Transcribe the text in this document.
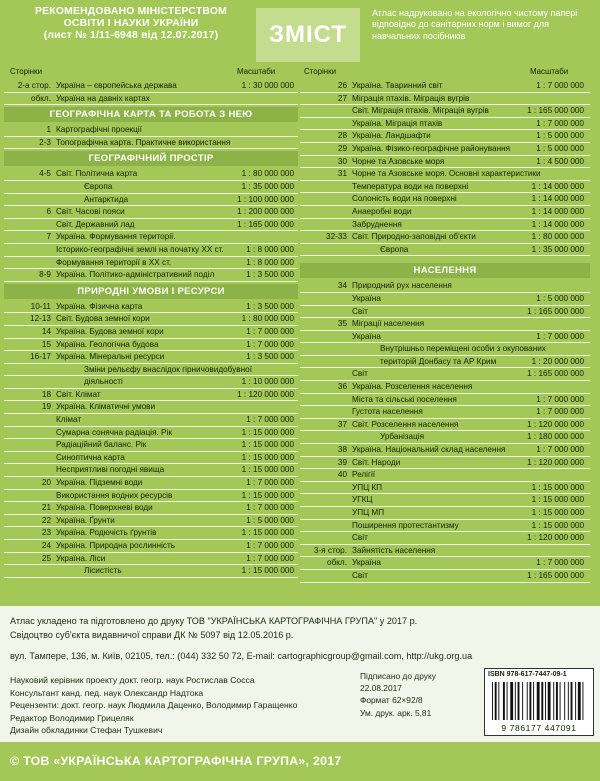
РЕКОМЕНДОВАНО МІНІСТЕРСТВОМ
ОСВІТИ І НАУКИ УКРАЇНИ
(лист № 1/11-6948 від 12.07.2017)	ЗМІСТ
Атлас надруковано на екологічно чистому папері відповідно до санітарних норм і вимог для навчальних посібників
Сторінки	Масштаби
2-а стор. Україна – європейська держава	1 : 30 000 000
обкл. Україна на давніх картах
ГЕОГРАФІЧНА КАРТА ТА РОБОТА З НЕЮ
1 Картографічні проекції
2-3 Топографічна карта. Практичне використання
ГЕОГРАФІЧНИЙ ПРОСТІР
4-5 Світ. Політична карта	1 : 80 000 000
Європа	1 : 35 000 000
Антарктида	1 : 100 000 000
6 Світ. Часові пояси	1 : 200 000 000
Світ. Державний лад	1 : 165 000 000
7 Україна. Формування території.
Історико-географічні землі на початку XX ст.	1 : 8 000 000
Формування території в XX ст.	1 : 8 000 000
8-9 Україна. Політико-адміністративний поділ	1 : 3 500 000
ПРИРОДНІ УМОВИ І РЕСУРСИ
10-11 Україна. Фізична карта	1 : 3 500 000
12-13 Світ. Будова земної кори	1 : 80 000 000
14 Україна. Будова земної кори	1 : 7 000 000
15 Україна. Геологічна будова	1 : 7 000 000
16-17 Україна. Мінеральні ресурси	1 : 3 500 000
Зміни рельєфу внаслідок гірничовидобувної
діяльності	1 : 10 000 000
18 Світ. Клімат	1 : 120 000 000
19 Україна. Кліматичні умови
Клімат	1 : 7 000 000
Сумарна сонячна радіація. Рік	1 : 15 000 000
Радіаційний баланс. Рік	1 : 15 000 000
Синоптична карта	1 : 15 000 000
Несприятливі погодні явища	1 : 15 000 000
20 Україна. Підземні води	1 : 7 000 000
Використання водних ресурсів	1 : 15 000 000
21 Україна. Поверхневі води	1 : 7 000 000
22 Україна. Ґрунти	1 : 5 000 000
23 Україна. Родючість ґрунтів	1 : 15 000 000
24 Україна. Природна рослинність	1 : 7 000 000
25 Україна. Ліси	1 : 7 000 000
Лісистість	1 : 15 000 000
Сторінки	Масштаби
26 Україна. Тваринний світ	1 : 7 000 000
27 Міграція птахів. Міграція вугрів
Світ. Міграція птахів. Міграція вугрів	1 : 165 000 000
Україна. Міграція птахів	1 : 7 000 000
28 Україна. Ландшафти	1 : 5 000 000
29 Україна. Фізико-географічне районування	1 : 5 000 000
30 Чорне та Азовське моря	1 : 4 500 000
31 Чорне та Азовське моря. Основні характеристики
Температура води на поверхні	1 : 14 000 000
Солоність води на поверхні	1 : 14 000 000
Анаеробні води	1 : 14 000 000
Забруднення	1 : 14 000 000
32-33 Світ. Природно-заповідні об'єкти	1 : 80 000 000
Європа	1 : 35 000 000
НАСЕЛЕННЯ
34 Природний рух населення
Україна	1 : 5 000 000
Світ	1 : 165 000 000
35 Міграції населення
Україна	1 : 7 000 000
Внутрішньо переміщені особи з окупованих
територій Донбасу та АР Крим	1 : 20 000 000
Світ	1 : 165 000 000
36 Україна. Розселення населення
Міста та сільські поселення	1 : 7 000 000
Густота населення	1 : 7 000 000
37 Світ. Розселення населення	1 : 120 000 000
Урбанізація	1 : 180 000 000
38 Україна. Національний склад населення	1 : 7 000 000
39 Світ. Народи	1 : 120 000 000
40 Релігії
УПЦ КП	1 : 15 000 000
УГКЦ	1 : 15 000 000
УПЦ МП	1 : 15 000 000
Поширення протестантизму	1 : 15 000 000
Світ	1 : 120 000 000
3-я стор. Зайнятість населення
обкл. Україна	1 : 7 000 000
Світ	1 : 165 000 000
Атлас укладено та підготовлено до друку ТОВ "УКРАЇНСЬКА КАРТОГРАФІЧНА ГРУПА" у 2017 р.
Свідоцтво суб'єкта видавничої справи ДК № 5097 від 12.05.2016 р.
вул. Тампере, 136, м. Київ, 02105, тел.: (044) 332 50 72, E-mail: cartographicgroup@gmail.com, http://ukg.org.ua
Науковий керівник проекту докт. геогр. наук Ростислав Сосса
Консультант канд. пед. наук Олександр Надтока
Рецензенти: докт. геогр. наук Людмила Даценко, Володимир Гаращенко
Редактор Володимир Грицеляк
Дизайн обкладинки Стефан Тушкевич
Підписано до друку
22.08.2017
Формат 62×92/8
Ум. друк. арк. 5,81
ISBN 978-617-7447-09-1
9 786177 447091
© ТОВ «УКРАЇНСЬКА КАРТОГРАФІЧНА ГРУПА», 2017
